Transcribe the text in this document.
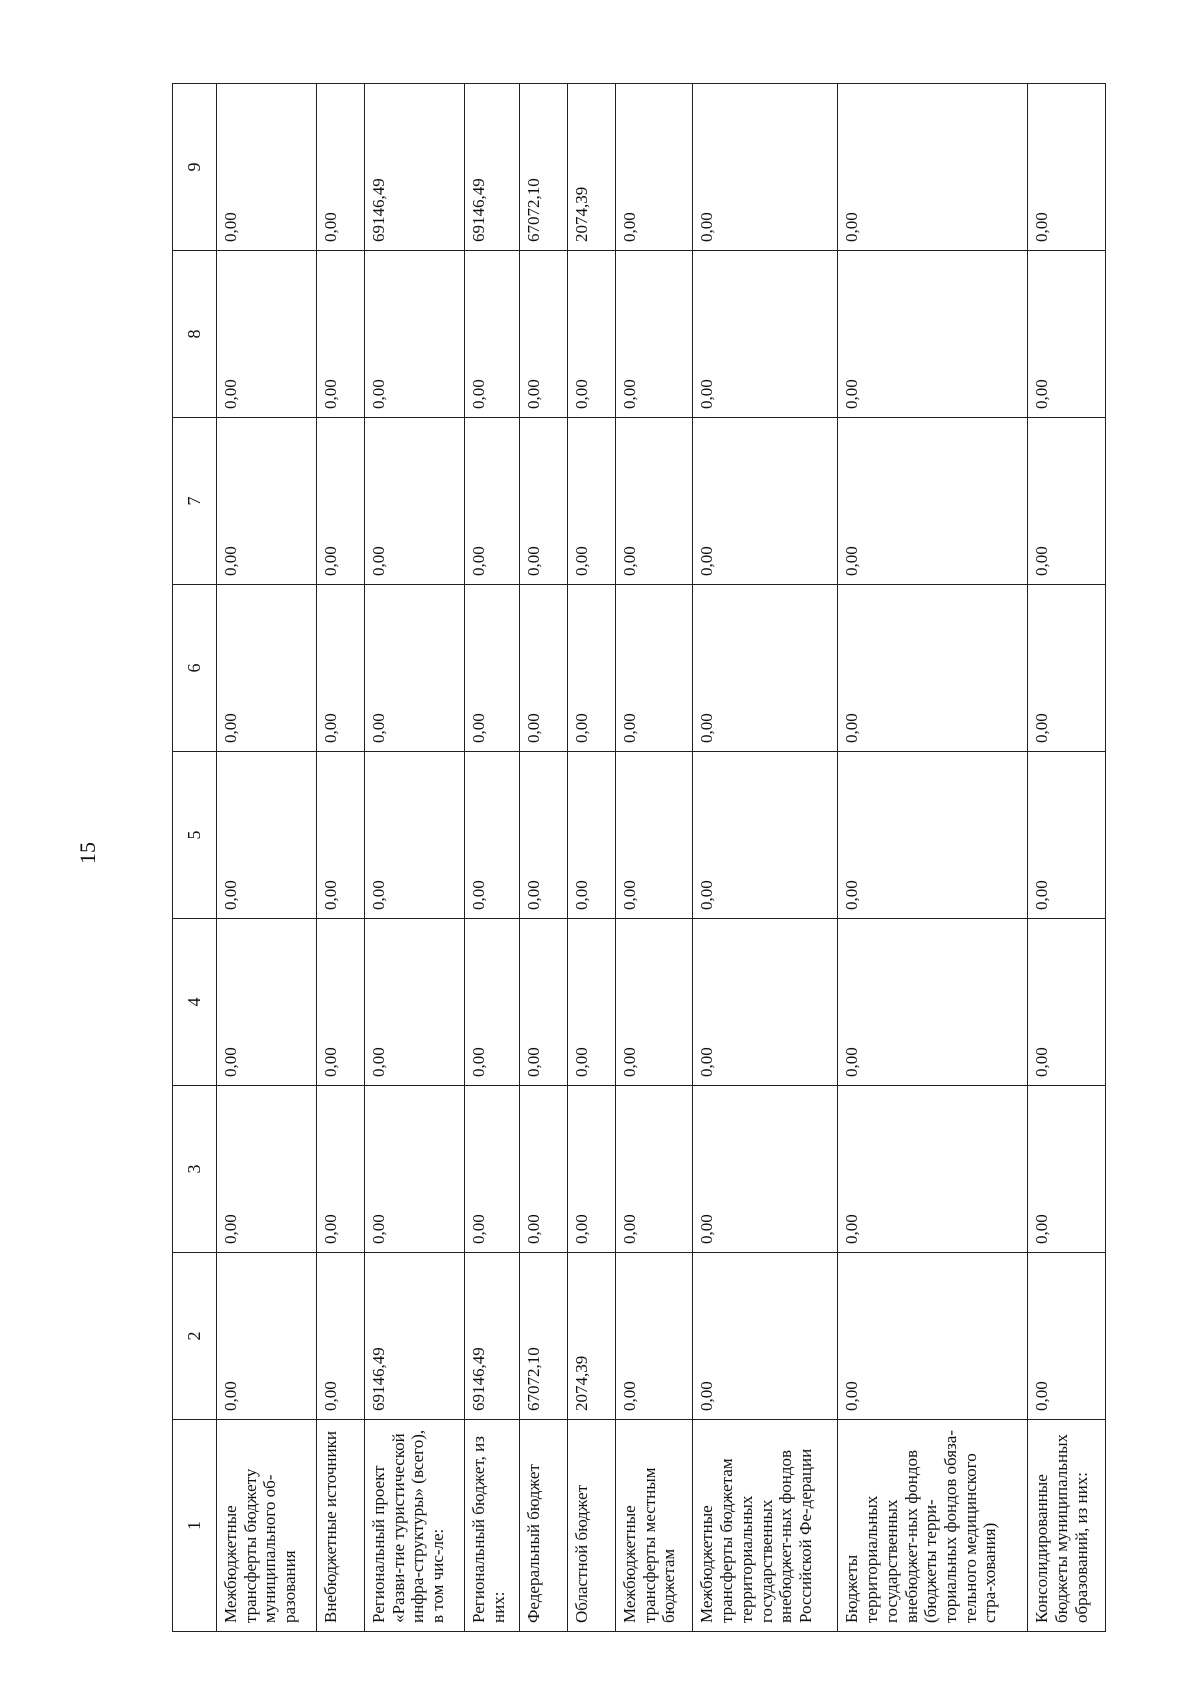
15
1	2	3	4	5	6	7	8	9
Межбюджетные трансферты бюджету муниципального об-разования	0,00	0,00	0,00	0,00	0,00	0,00	0,00	0,00
Внебюджетные источники	0,00	0,00	0,00	0,00	0,00	0,00	0,00	0,00
Региональный проект «Разви-тие туристической инфра-структуры» (всего), в том чис-ле:	69146,49	0,00	0,00	0,00	0,00	0,00	0,00	69146,49
Региональный бюджет, из них:	69146,49	0,00	0,00	0,00	0,00	0,00	0,00	69146,49
Федеральный бюджет	67072,10	0,00	0,00	0,00	0,00	0,00	0,00	67072,10
Областной бюджет	2074,39	0,00	0,00	0,00	0,00	0,00	0,00	2074,39
Межбюджетные трансферты местным бюджетам	0,00	0,00	0,00	0,00	0,00	0,00	0,00	0,00
Межбюджетные трансферты бюджетам территориальных государственных внебюджет-ных фондов Российской Фе-дерации	0,00	0,00	0,00	0,00	0,00	0,00	0,00	0,00
Бюджеты территориальных государственных внебюджет-ных фондов (бюджеты терри-ториальных фондов обяза-тельного медицинского стра-хования)	0,00	0,00	0,00	0,00	0,00	0,00	0,00	0,00
Консолидированные бюджеты муниципальных образований, из них:	0,00	0,00	0,00	0,00	0,00	0,00	0,00	0,00
